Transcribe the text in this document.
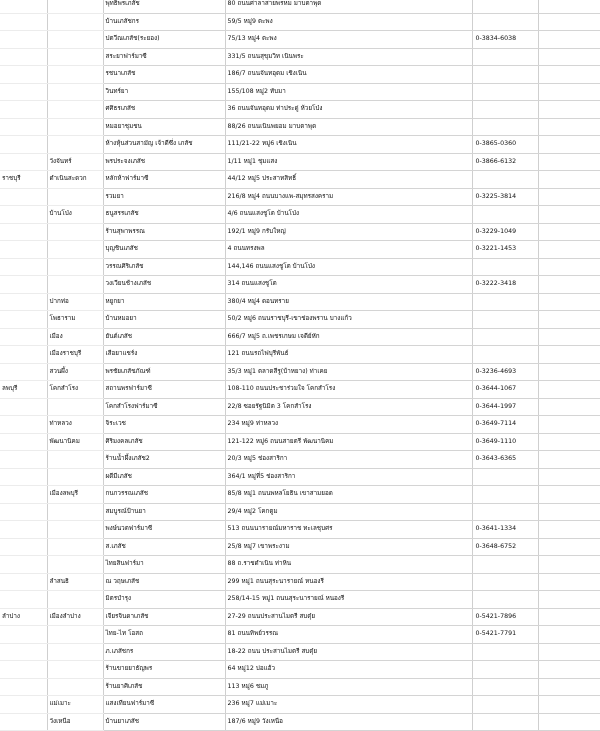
		พุทธิพรเภสัช	80 ถนนศาลาสายพรหม มาบตาพุด		
		บ้านเภสัชกร	59/5 หมู่9 ตะพง		
		ปตวีณเภสัช(ระยอง)	75/13 หมู่4 ตะพง	0-3834-6038	
		สระยาฟาร์มาซี	331/5 ถนนสุขุมวิท เนินพระ		
		รชนาเภสัช	186/7 ถนนจันทอุดม เชิงเนิน		
		วินทร์ยา	155/108 หมู่2 ทับมา		
		ศศิธรเภสัช	36 ถนนจันทอุดม ท่าประดู่ ห้วยโป่ง		
		หมอยาชุมชน	88/26 ถนนเนินพยอม มาบตาพุด		
		ห้างหุ้นส่วนสามัญ เจ้าดีซึ่ง เภสัช	111/21-22 หมู่6 เชิงเนิน	0-3865-0360	
	วังจันทร์	พรประจงเภสัช	1/11 หมู่1 ชุมแสง	0-3866-6132	
ราชบุรี	ดำเนินสะดวก	หลักห้าฟาร์มาซี	44/12 หมู่5 ประสาทสิทธิ์		
		รวมยา	216/8 หมู่4 ถนนบางแพ-สมุทรสงคราม	0-3225-3814	
	บ้านโป่ง	ธนูสรรเภสัช	4/6 ถนนแสงชูโต บ้านโป่ง		
		ร้านสุพาพรรณ	192/1 หมู่9 กรับใหญ่	0-3229-1049	
		บุญชินเภสัช	4 ถนนทรงพล	0-3221-1453	
		วรรณศิริเภสัช	144,146 ถนนแสงชูโต บ้านโป่ง		
		วงเวียนช้างเภสัช	314 ถนนแสงชูโต	0-3222-3418	
	ปากท่อ	หยูกยา	380/4 หมู่4 ดอนทราย		
	โพธาราม	บ้านหมอยา	50/2 หมู่6 ถนนราชบุรี-เขาช่องพราน บางแก้ว		
	เมือง	ยันต์เภสัช	666/7 หมู่5 ถ.เพชรเกษม เจดีย์หัก		
	เมืองราชบุรี	เสือยาแชร์ง	121 ถนนรถไฟบุรีพันธ์		
	สวนผึ้ง	พรชัยเภสัชภัณฑ์	35/3 หมู่1 ตลาดสีรู(บ้าหยาง) ท่าเคย	0-3236-4693	
ลพบุรี	โคกสำโรง	สถานพรฟาร์มาซี	108-110 ถนนประชาร่วมใจ โคกสำโรง	0-3644-1067	
		โคกสำโรงฟาร์มาซี	22/8 ซอยรัฐนิมิต 3 โคกสำโรง	0-3644-1997	
	ท่าหลวง	จิระเวช	234 หมู่9 ท่าหลวง	0-3649-7114	
	พัฒนานิคม	ศิริมงคลเภสัช	121-122 หมู่6 ถนนสายตรี พัฒนานิคม	0-3649-1110	
		ร้านน้ำผึ้งเภสัช2	20/3 หมู่5 ช่องสาริกา	0-3643-6365	
		ผดีมีเภสัช	364/1 หมู่ที่5 ช่องสาริกา		
	เมืองลพบุรี	กนกวรรณเภสัช	85/8 หมู่1 ถนนพหลโยธิน เขาสามยอด		
		สมบูรณ์ป้านยา	29/4 หมู่2 โคกตูม		
		พงษ์นวตฟาร์มาซี	513 ถนนนารายณ์มหาราช ทะเลชุบศร	0-3641-1334	
		ส.เภสัช	25/8 หมู่7 เขาพระงาม	0-3648-6752	
		ไทยสินฟาร์มา	88 ถ.ราชดำเนิน ท่าหิน		
	ลำสนธิ	ณ วฤษเภสัช	299 หมู่1 ถนนสุระนารายณ์ หนองรี		
		มิตรบำรุง	258/14-15 หมู่1 ถนนสุระนารายณ์ หนองรี		
ลำปาง	เมืองลำปาง	เจียรจินดาเภสัช	27-29 ถนนประสานไมตรี สบตุ๋ย	0-5421-7896	
		ไทย-ไท โอสถ	81 ถนนทิพย์วรรณ	0-5421-7791	
		ภ.เภสัชกร	18-22 ถนน ประสานไมตรี สบตุ๋ย		
		ร้านขายยาธัญพร	64 หมู่12 บ่อแฮ้ว		
		ร้านยาศิเภสัช	113 หมู่6 ชมภู		
	แม่เมาะ	แสงเทียนฟาร์มาซี	236 หมู่7 แม่เมาะ		
	วังเหนือ	บ้านยาเภสัช	187/6 หมู่9 วังเหนือ		
